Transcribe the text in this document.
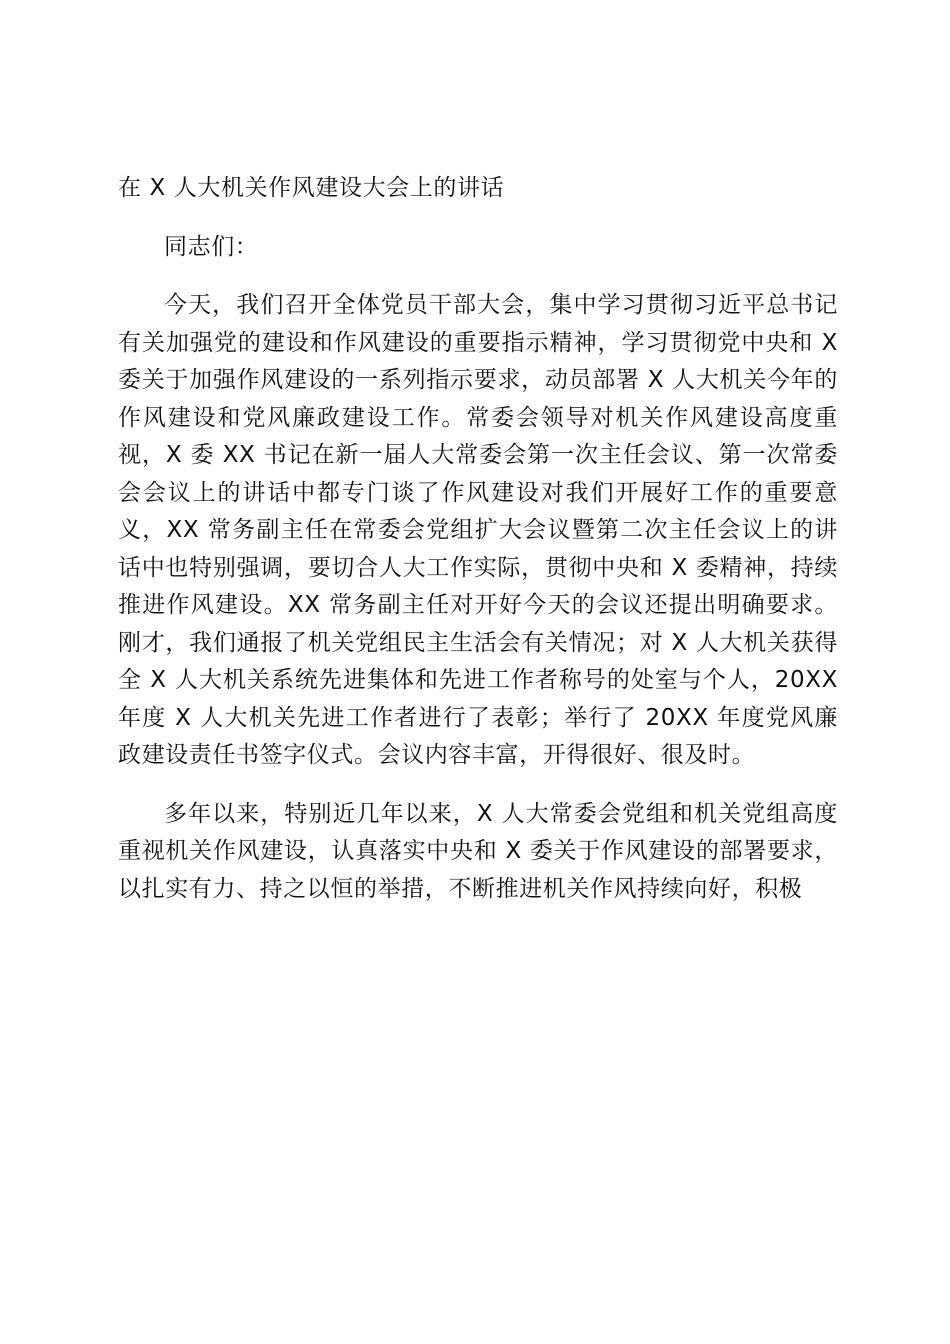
在 X 人大机关作风建设大会上的讲话
同志们：
今天，我们召开全体党员干部大会，集中学习贯彻习近平总书记有关加强党的建设和作风建设的重要指示精神，学习贯彻党中央和 X 委关于加强作风建设的一系列指示要求，动员部署 X 人大机关今年的作风建设和党风廉政建设工作。常委会领导对机关作风建设高度重视，X 委 XX 书记在新一届人大常委会第一次主任会议、第一次常委会会议上的讲话中都专门谈了作风建设对我们开展好工作的重要意义，XX 常务副主任在常委会党组扩大会议暨第二次主任会议上的讲话中也特别强调，要切合人大工作实际，贯彻中央和 X 委精神，持续推进作风建设。XX 常务副主任对开好今天的会议还提出明确要求。刚才，我们通报了机关党组民主生活会有关情况；对 X 人大机关获得全 X 人大机关系统先进集体和先进工作者称号的处室与个人，20XX 年度 X 人大机关先进工作者进行了表彰；举行了 20XX 年度党风廉政建设责任书签字仪式。会议内容丰富，开得很好、很及时。
多年以来，特别近几年以来，X 人大常委会党组和机关党组高度重视机关作风建设，认真落实中央和 X 委关于作风建设的部署要求，以扎实有力、持之以恒的举措，不断推进机关作风持续向好，积极
